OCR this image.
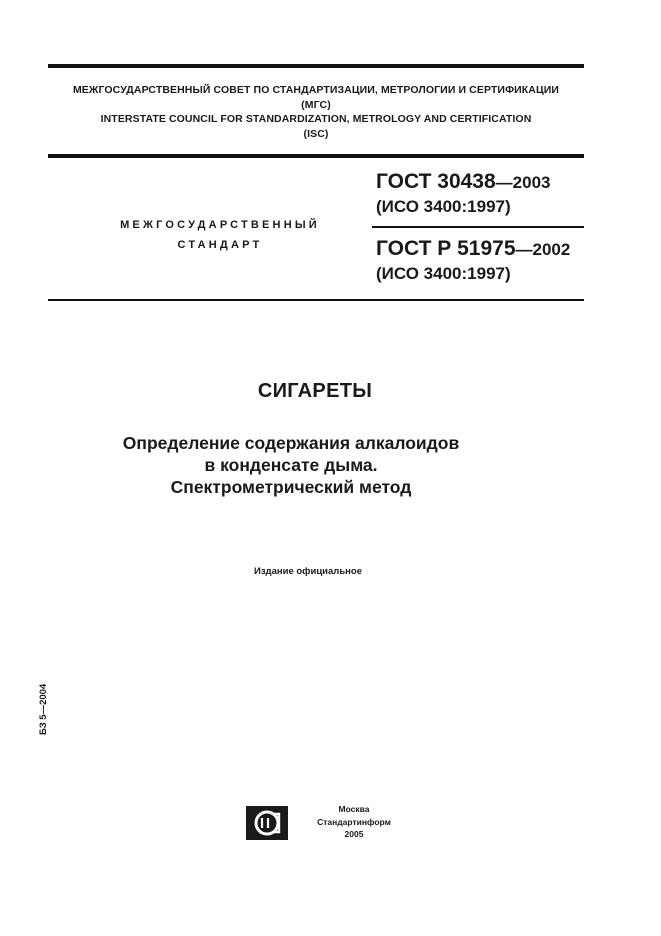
МЕЖГОСУДАРСТВЕННЫЙ СОВЕТ ПО СТАНДАРТИЗАЦИИ, МЕТРОЛОГИИ И СЕРТИФИКАЦИИ
(МГС)
INTERSTATE COUNCIL FOR STANDARDIZATION, METROLOGY AND CERTIFICATION
(ISC)
МЕЖГОСУДАРСТВЕННЫЙ
СТАНДАРТ
ГОСТ 30438—2003
(ИСО 3400:1997)
ГОСТ Р 51975—2002
(ИСО 3400:1997)
СИГАРЕТЫ
Определение содержания алкалоидов
в конденсате дыма.
Спектрометрический метод
Издание официальное
БЗ 5—2004
Москва
Стандартинформ
2005
